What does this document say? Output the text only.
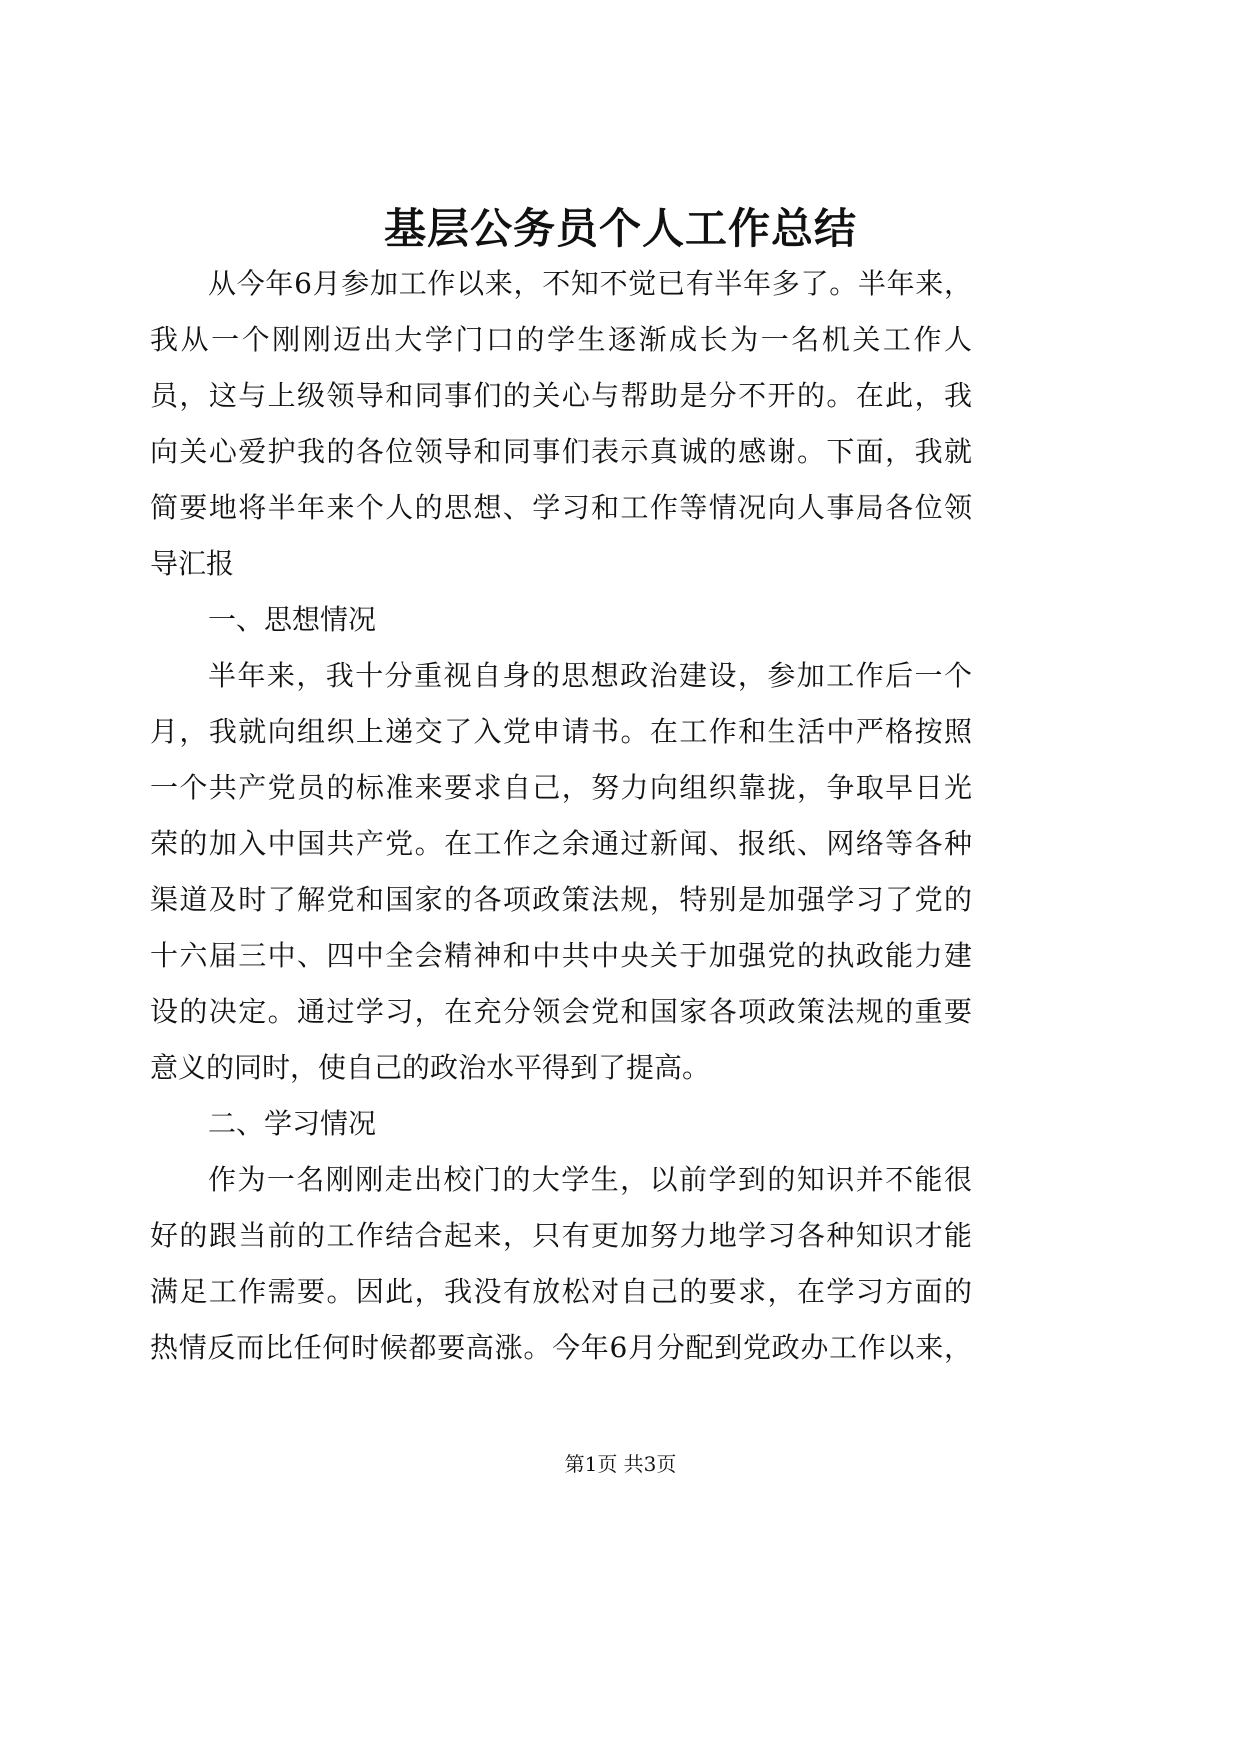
基层公务员个人工作总结
从今年6月参加工作以来，不知不觉已有半年多了。半年来，
我从一个刚刚迈出大学门口的学生逐渐成长为一名机关工作人
员，这与上级领导和同事们的关心与帮助是分不开的。在此，我
向关心爱护我的各位领导和同事们表示真诚的感谢。下面，我就
简要地将半年来个人的思想、学习和工作等情况向人事局各位领
导汇报
一、思想情况
半年来，我十分重视自身的思想政治建设，参加工作后一个
月，我就向组织上递交了入党申请书。在工作和生活中严格按照
一个共产党员的标准来要求自己，努力向组织靠拢，争取早日光
荣的加入中国共产党。在工作之余通过新闻、报纸、网络等各种
渠道及时了解党和国家的各项政策法规，特别是加强学习了党的
十六届三中、四中全会精神和中共中央关于加强党的执政能力建
设的决定。通过学习，在充分领会党和国家各项政策法规的重要
意义的同时，使自己的政治水平得到了提高。
二、学习情况
作为一名刚刚走出校门的大学生，以前学到的知识并不能很
好的跟当前的工作结合起来，只有更加努力地学习各种知识才能
满足工作需要。因此，我没有放松对自己的要求，在学习方面的
热情反而比任何时候都要高涨。今年6月分配到党政办工作以来，
第1页 共3页
